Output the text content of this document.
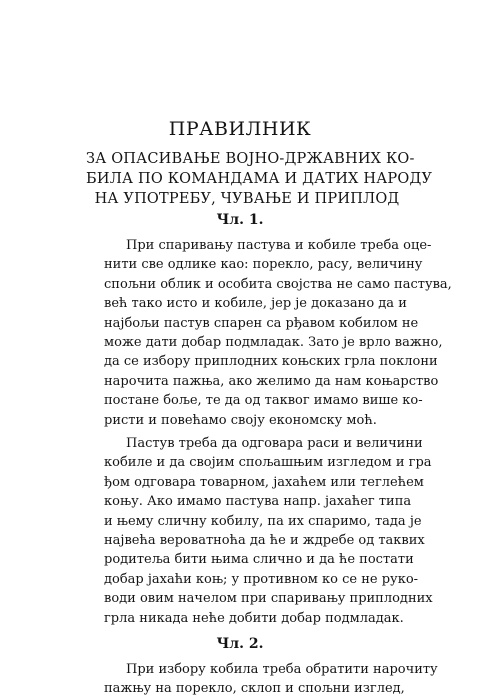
ПРАВИЛНИК
ЗА ОПАСИВАЊЕ ВОЈНО-ДРЖАВНИХ КО-
БИЛА ПО КОМАНДАМА И ДАТИХ НАРОДУ
НА УПОТРЕБУ, ЧУВАЊЕ И ПРИПЛОД
Чл. 1.
При спаривању пастува и кобиле треба оце-
нити све одлике као: порекло, расу, величину
спољни облик и особита својства не само пастува,
већ тако исто и кобиле, јер је доказано да и
најбољи пастув спарен са рђавом кобилом не
може дати добар подмладак. Зато је врло важно,
да се избору приплодних коњских грла поклони
нарочита пажња, ако желимо да нам коњарство
постане боље, те да од таквог имамо више ко-
ристи и повећамо своју економску моћ.
Пастув треба да одговара раси и величини
кобиле и да својим спољашњим изгледом и гра
ђом одговара товарном, јахаћем или теглећем
коњу. Ако имамо пастува напр. јахаћег типа
и њему сличну кобилу, па их спаримо, тада је
највећа вероватноћа да ће и ждребе од таквих
родитеља бити њима слично и да ће постати
добар јахаћи коњ; у противном ко се не руко-
води овим начелом при спаривању приплодних
грла никада неће добити добар подмладак.
Чл. 2.
При избору кобила треба обратити нарочиту
пажњу на порекло, склоп и спољни изглед,
